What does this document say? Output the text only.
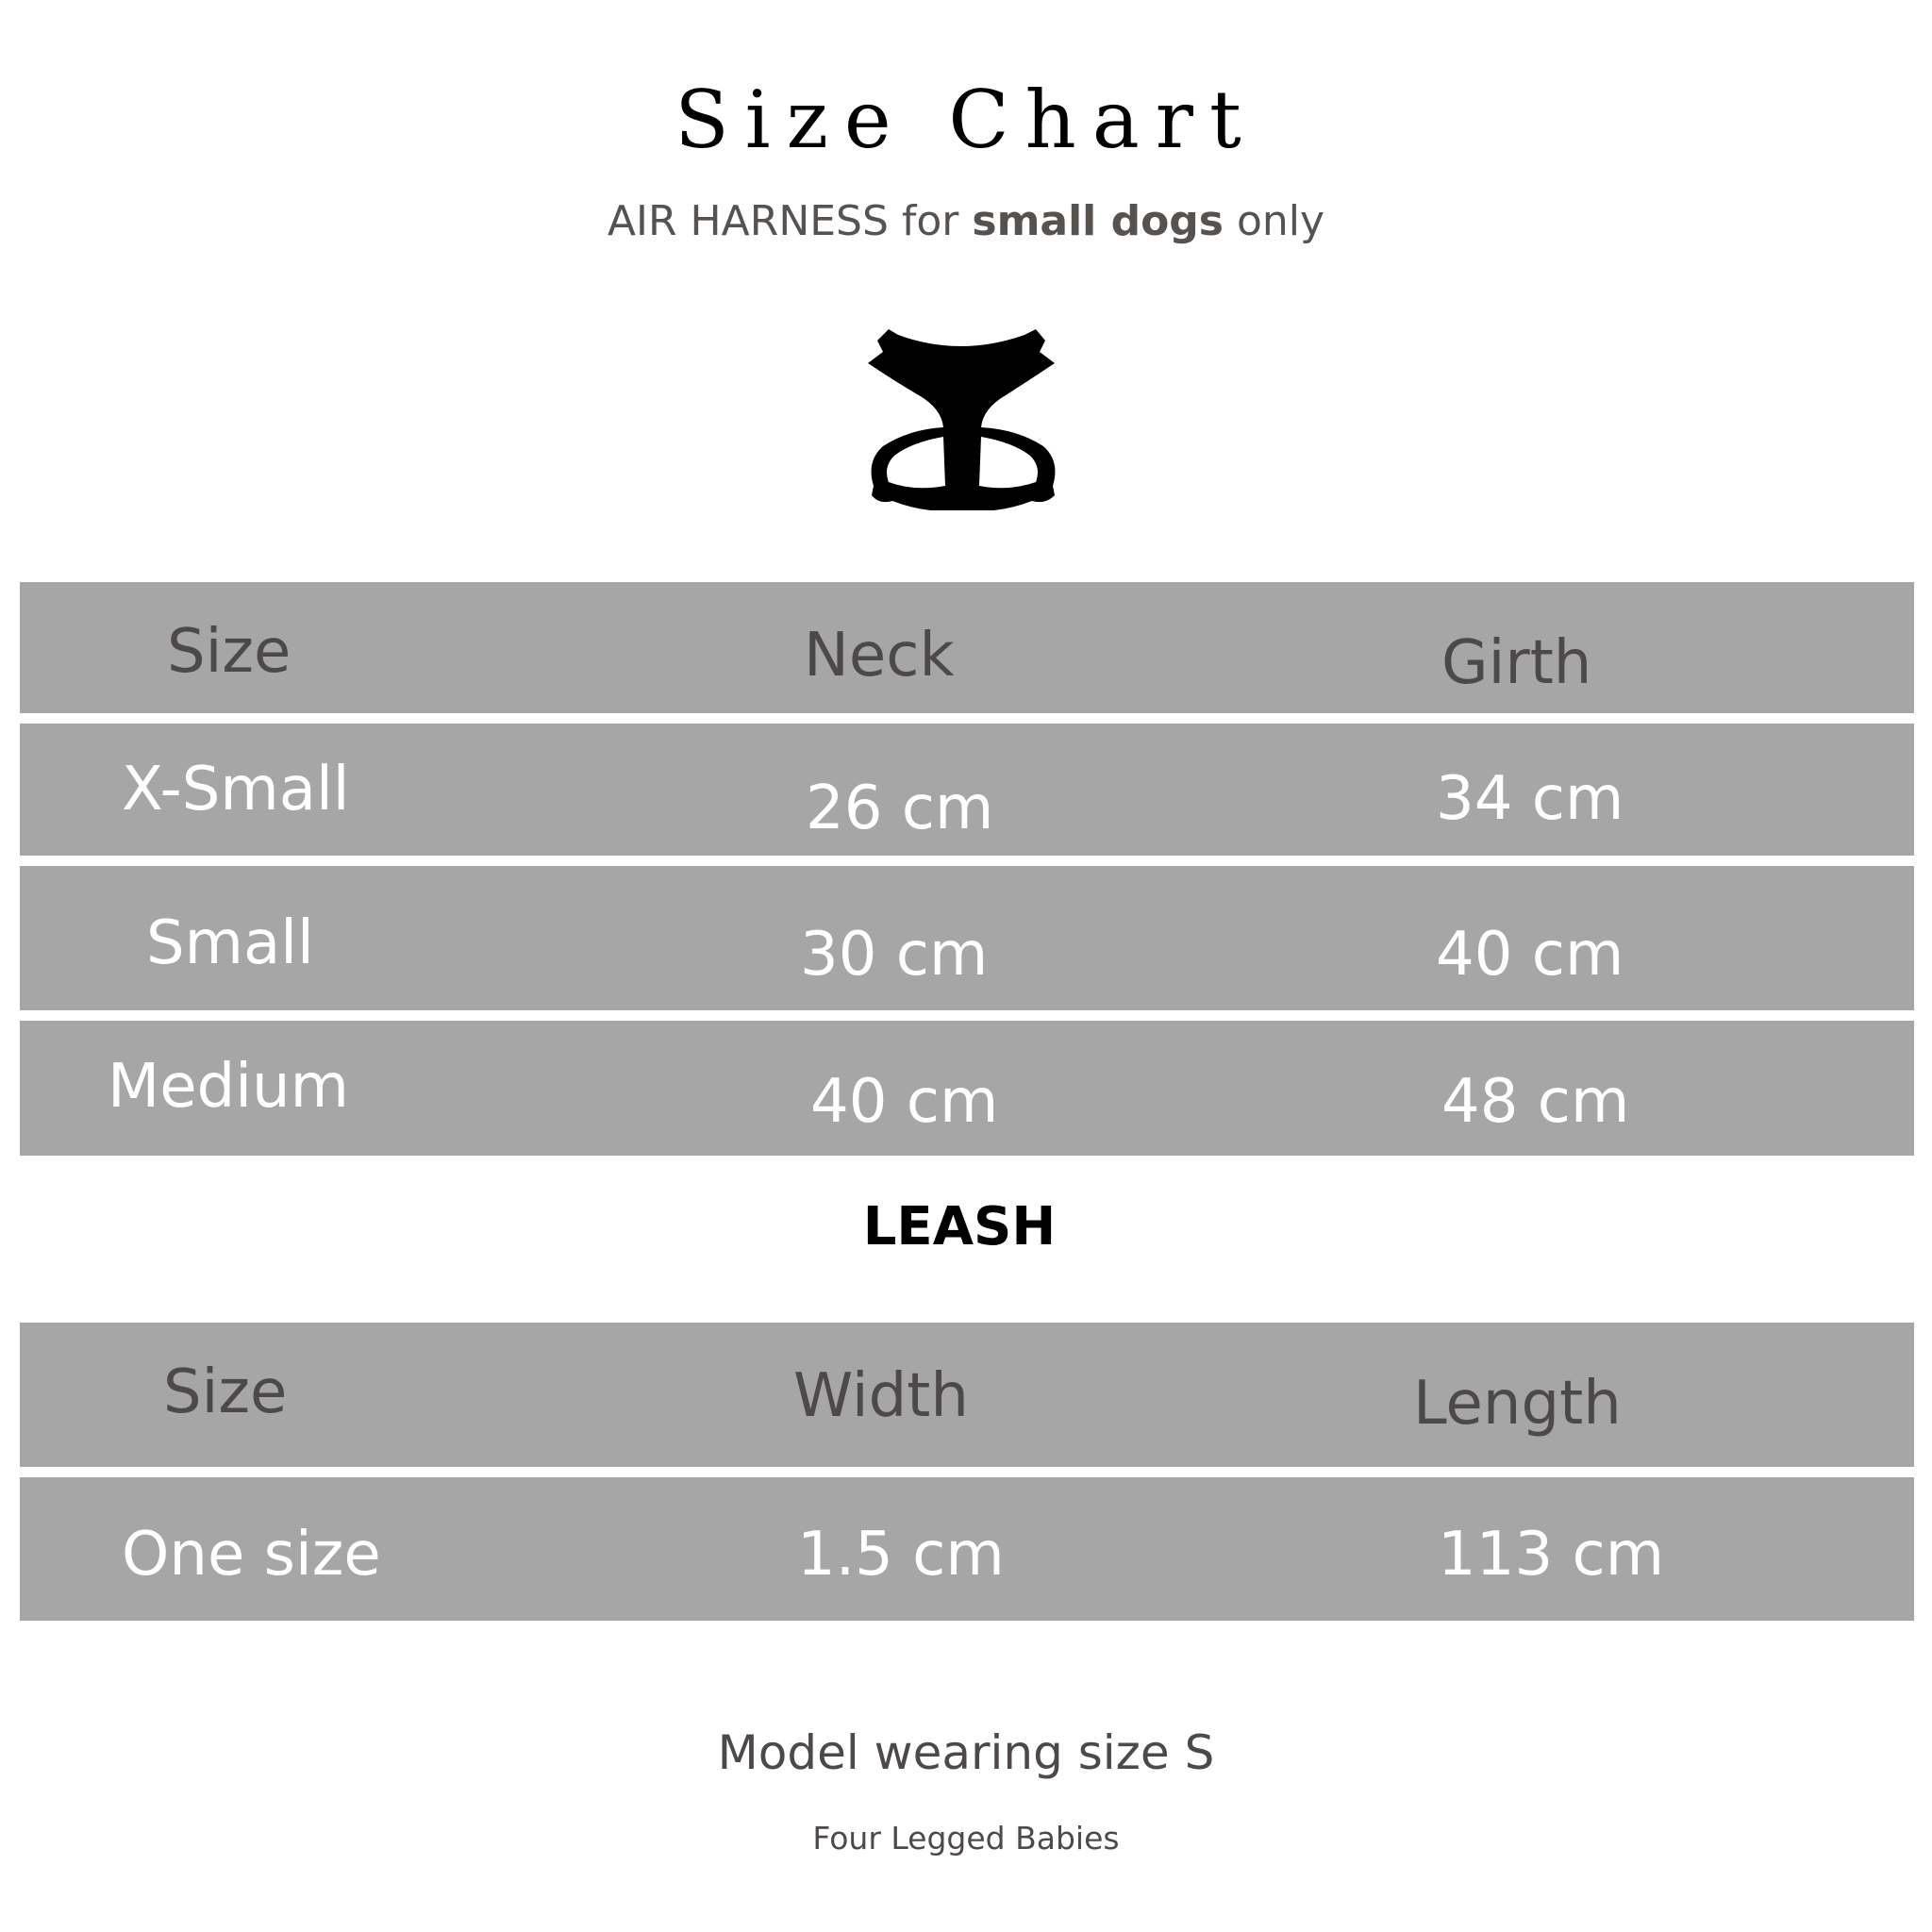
Size Chart
AIR HARNESS for small dogs only
Size	Neck	Girth
X-Small	26 cm	34 cm
Small	30 cm	40 cm
Medium	40 cm	48 cm
LEASH
Size	Width	Length
One size	1.5 cm	113 cm
Model wearing size S
Four Legged Babies
